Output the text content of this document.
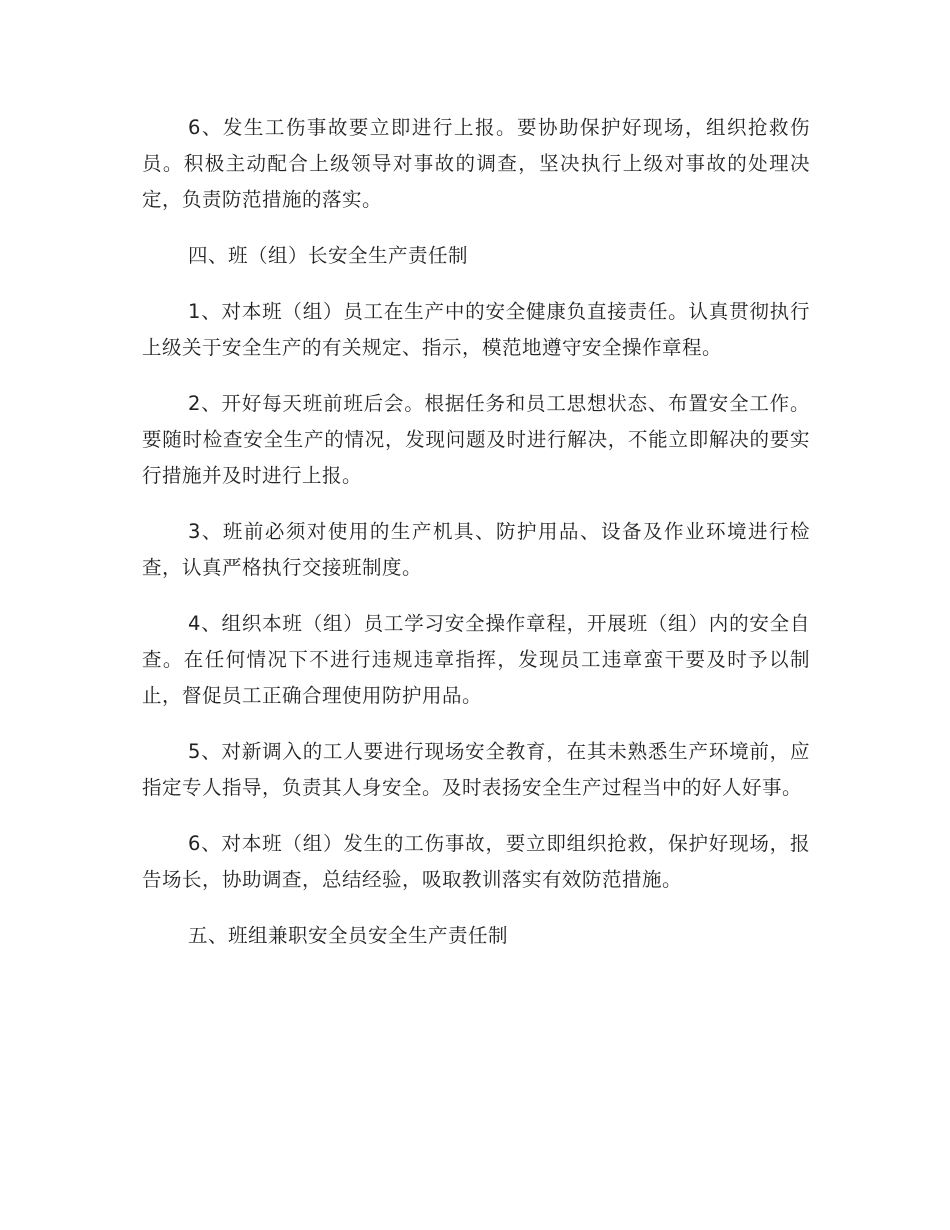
6、发生工伤事故要立即进行上报。要协助保护好现场，组织抢救伤员。积极主动配合上级领导对事故的调查，坚决执行上级对事故的处理决定，负责防范措施的落实。

四、班（组）长安全生产责任制

1、对本班（组）员工在生产中的安全健康负直接责任。认真贯彻执行上级关于安全生产的有关规定、指示，模范地遵守安全操作章程。

2、开好每天班前班后会。根据任务和员工思想状态、布置安全工作。要随时检查安全生产的情况，发现问题及时进行解决，不能立即解决的要实行措施并及时进行上报。

3、班前必须对使用的生产机具、防护用品、设备及作业环境进行检查，认真严格执行交接班制度。

4、组织本班（组）员工学习安全操作章程，开展班（组）内的安全自查。在任何情况下不进行违规违章指挥，发现员工违章蛮干要及时予以制止，督促员工正确合理使用防护用品。

5、对新调入的工人要进行现场安全教育，在其未熟悉生产环境前，应指定专人指导，负责其人身安全。及时表扬安全生产过程当中的好人好事。

6、对本班（组）发生的工伤事故，要立即组织抢救，保护好现场，报告场长，协助调查，总结经验，吸取教训落实有效防范措施。

五、班组兼职安全员安全生产责任制
